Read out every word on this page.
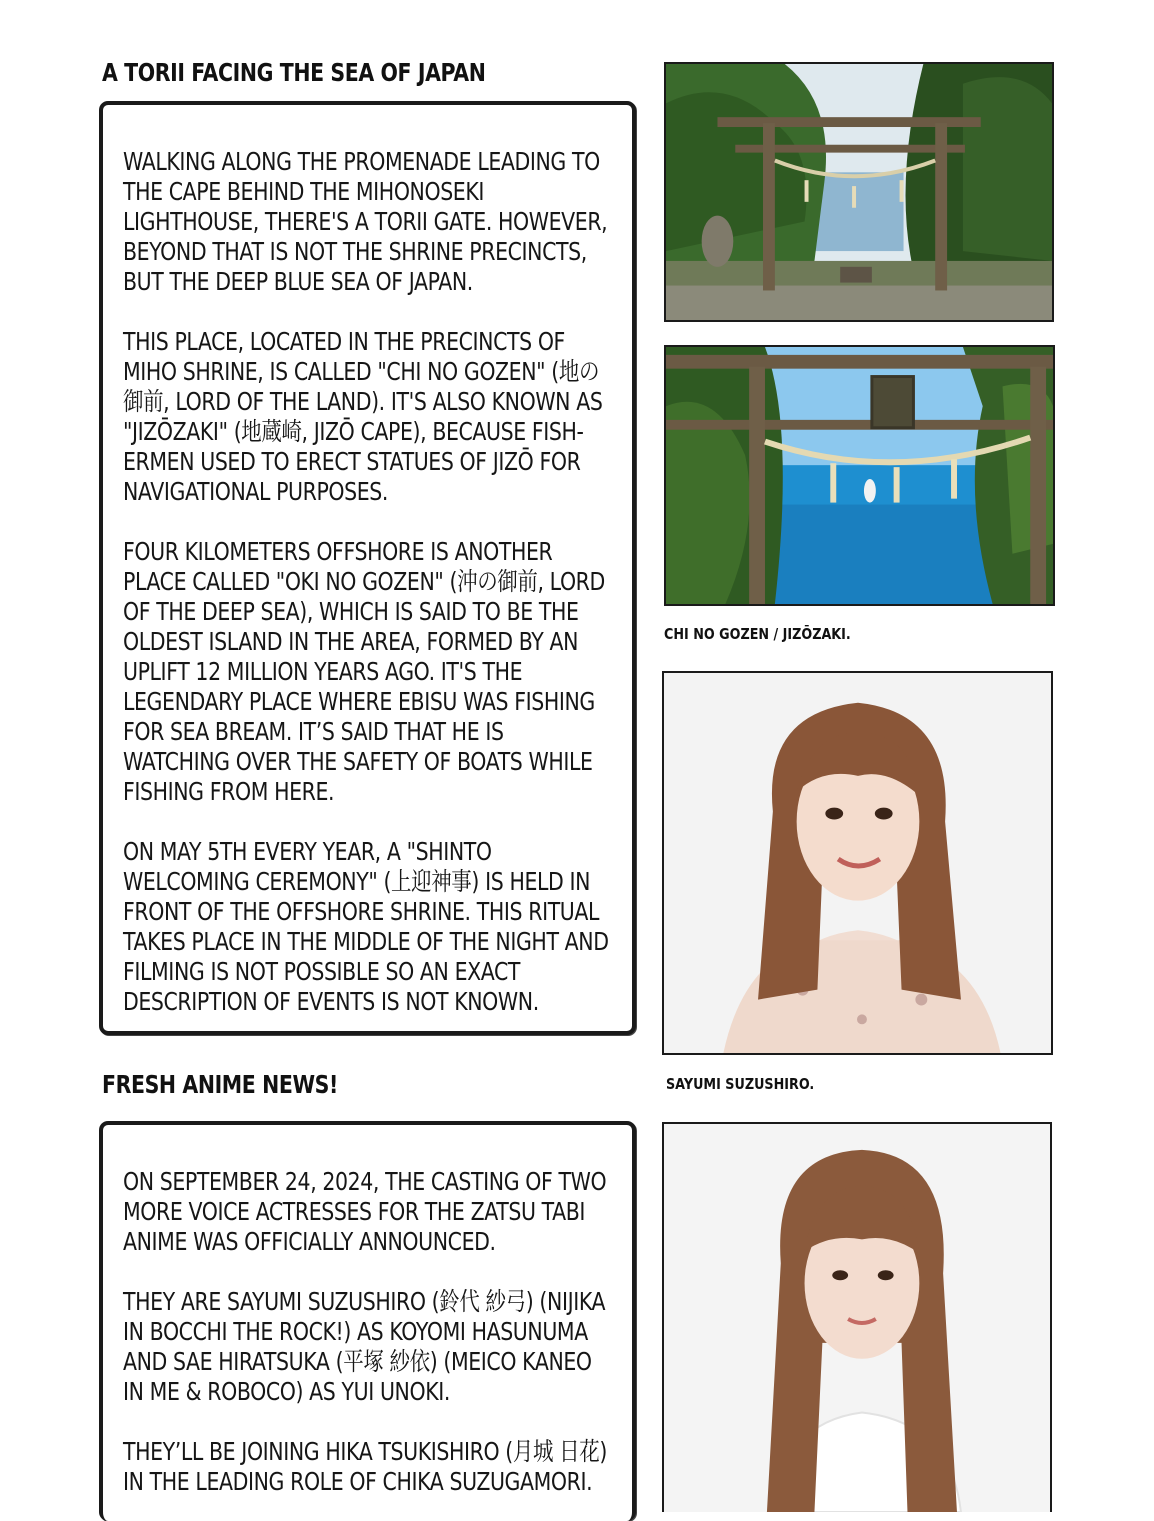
A TORII FACING THE SEA OF JAPAN

WALKING ALONG THE PROMENADE LEADING TO THE CAPE BEHIND THE MIHONOSEKI LIGHTHOUSE, THERE'S A TORII GATE. HOWEVER, BEYOND THAT IS NOT THE SHRINE PRECINCTS, BUT THE DEEP BLUE SEA OF JAPAN.

THIS PLACE, LOCATED IN THE PRECINCTS OF MIHO SHRINE, IS CALLED "CHI NO GOZEN" (地の御前, LORD OF THE LAND). IT'S ALSO KNOWN AS "JIZŌZAKI" (地蔵崎, JIZŌ CAPE), BECAUSE FISH-ERMEN USED TO ERECT STATUES OF JIZŌ FOR NAVIGATIONAL PURPOSES.

FOUR KILOMETERS OFFSHORE IS ANOTHER PLACE CALLED "OKI NO GOZEN" (沖の御前, LORD OF THE DEEP SEA), WHICH IS SAID TO BE THE OLDEST ISLAND IN THE AREA, FORMED BY AN UPLIFT 12 MILLION YEARS AGO. IT'S THE LEGENDARY PLACE WHERE EBISU WAS FISHING FOR SEA BREAM. IT’S SAID THAT HE IS WATCHING OVER THE SAFETY OF BOATS WHILE FISHING FROM HERE.

ON MAY 5TH EVERY YEAR, A "SHINTO WELCOMING CEREMONY" (上迎神事) IS HELD IN FRONT OF THE OFFSHORE SHRINE. THIS RITUAL TAKES PLACE IN THE MIDDLE OF THE NIGHT AND FILMING IS NOT POSSIBLE SO AN EXACT DESCRIPTION OF EVENTS IS NOT KNOWN.

CHI NO GOZEN / JIZŌZAKI.

SAYUMI SUZUSHIRO.

FRESH ANIME NEWS!

ON SEPTEMBER 24, 2024, THE CASTING OF TWO MORE VOICE ACTRESSES FOR THE ZATSU TABI ANIME WAS OFFICIALLY ANNOUNCED.

THEY ARE SAYUMI SUZUSHIRO (鈴代 紗弓) (NIJIKA IN BOCCHI THE ROCK!) AS KOYOMI HASUNUMA AND SAE HIRATSUKA (平塚 紗依) (MEICO KANEO IN ME & ROBOCO) AS YUI UNOKI.

THEY’LL BE JOINING HIKA TSUKISHIRO (月城 日花) IN THE LEADING ROLE OF CHIKA SUZUGAMORI.
